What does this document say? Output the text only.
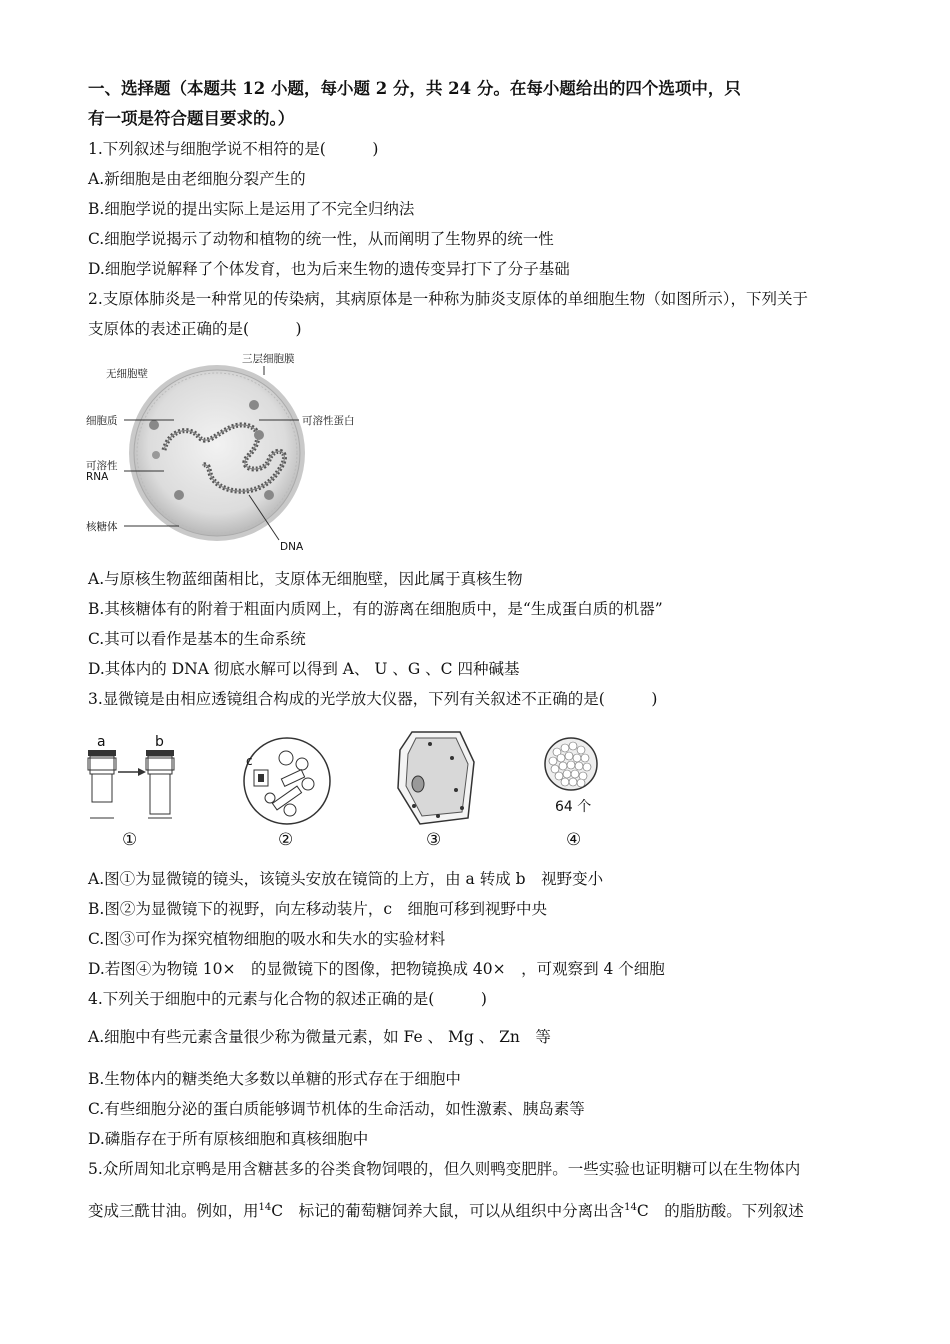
一、选择题（本题共 12 小题，每小题 2 分，共 24 分。在每小题给出的四个选项中，只
有一项是符合题目要求的。）
1.下列叙述与细胞学说不相符的是(　　　)
A.新细胞是由老细胞分裂产生的
B.细胞学说的提出实际上是运用了不完全归纳法
C.细胞学说揭示了动物和植物的统一性，从而阐明了生物界的统一性
D.细胞学说解释了个体发育，也为后来生物的遗传变异打下了分子基础
2.支原体肺炎是一种常见的传染病，其病原体是一种称为肺炎支原体的单细胞生物（如图所示），下列关于
支原体的表述正确的是(　　　)
无细胞壁
三层细胞膜
细胞质	可溶性蛋白
可溶性
RNA
核糖体
DNA
A.与原核生物蓝细菌相比，支原体无细胞壁，因此属于真核生物
B.其核糖体有的附着于粗面内质网上，有的游离在细胞质中，是“生成蛋白质的机器”
C.其可以看作是基本的生命系统
D.其体内的 DNA 彻底水解可以得到 A、 U 、G 、C 四种碱基
3.显微镜是由相应透镜组合构成的光学放大仪器，下列有关叙述不正确的是(　　　)
a	b
c
64 个
①	②	③	④
A.图①为显微镜的镜头，该镜头安放在镜筒的上方，由 a 转成 b　视野变小
B.图②为显微镜下的视野，向左移动装片，c　细胞可移到视野中央
C.图③可作为探究植物细胞的吸水和失水的实验材料
D.若图④为物镜 10×　的显微镜下的图像，把物镜换成 40×　，可观察到 4 个细胞
4.下列关于细胞中的元素与化合物的叙述正确的是(　　　)
A.细胞中有些元素含量很少称为微量元素，如 Fe 、 Mg 、 Zn　等
B.生物体内的糖类绝大多数以单糖的形式存在于细胞中
C.有些细胞分泌的蛋白质能够调节机体的生命活动，如性激素、胰岛素等
D.磷脂存在于所有原核细胞和真核细胞中
5.众所周知北京鸭是用含糖甚多的谷类食物饲喂的，但久则鸭变肥胖。一些实验也证明糖可以在生物体内
变成三酰甘油。例如，用$^{14}$C　标记的葡萄糖饲养大鼠，可以从组织中分离出含$^{14}$C　的脂肪酸。下列叙述
